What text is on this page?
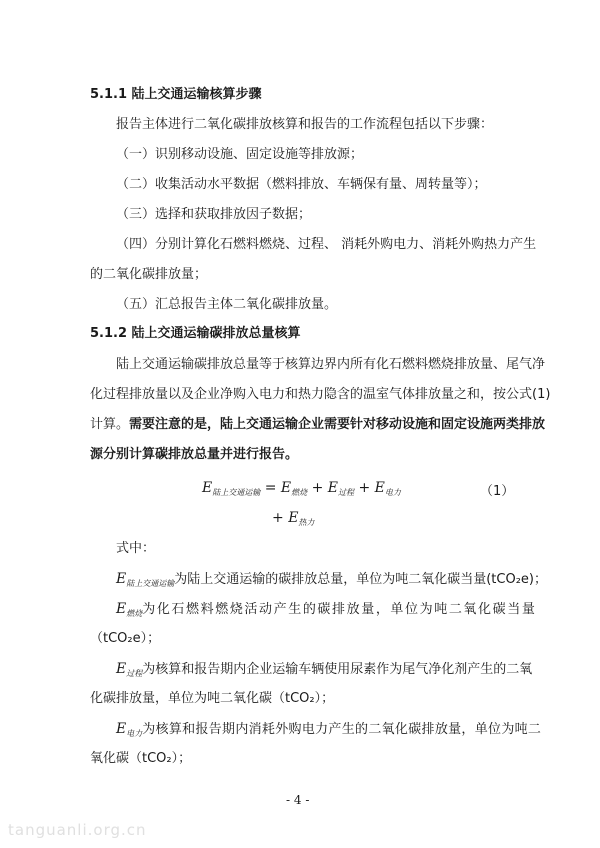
5.1.1 陆上交通运输核算步骤
报告主体进行二氧化碳排放核算和报告的工作流程包括以下步骤：
（一）识别移动设施、固定设施等排放源；
（二）收集活动水平数据（燃料排放、车辆保有量、周转量等）；
（三）选择和获取排放因子数据；
（四）分别计算化石燃料燃烧、过程、 消耗外购电力、消耗外购热力产生
的二氧化碳排放量；
（五）汇总报告主体二氧化碳排放量。
5.1.2 陆上交通运输碳排放总量核算
陆上交通运输碳排放总量等于核算边界内所有化石燃料燃烧排放量、尾气净
化过程排放量以及企业净购入电力和热力隐含的温室气体排放量之和，按公式(1)
计算。需要注意的是，陆上交通运输企业需要针对移动设施和固定设施两类排放
源分别计算碳排放总量并进行报告。
$E_{陆上交通运输} = E_{燃烧} + E_{过程} + E_{电力}$	（1）
+ $E_{热力}$
式中：
$E_{陆上交通运输}$为陆上交通运输的碳排放总量，单位为吨二氧化碳当量(tCO₂e)；
$E_{燃烧}$为化石燃料燃烧活动产生的碳排放量，单位为吨二氧化碳当量
（tCO₂e）；
$E_{过程}$为核算和报告期内企业运输车辆使用尿素作为尾气净化剂产生的二氧
化碳排放量，单位为吨二氧化碳（tCO₂）；
$E_{电力}$为核算和报告期内消耗外购电力产生的二氧化碳排放量，单位为吨二
氧化碳（tCO₂）；
- 4 -
tanguanli.org.cn
